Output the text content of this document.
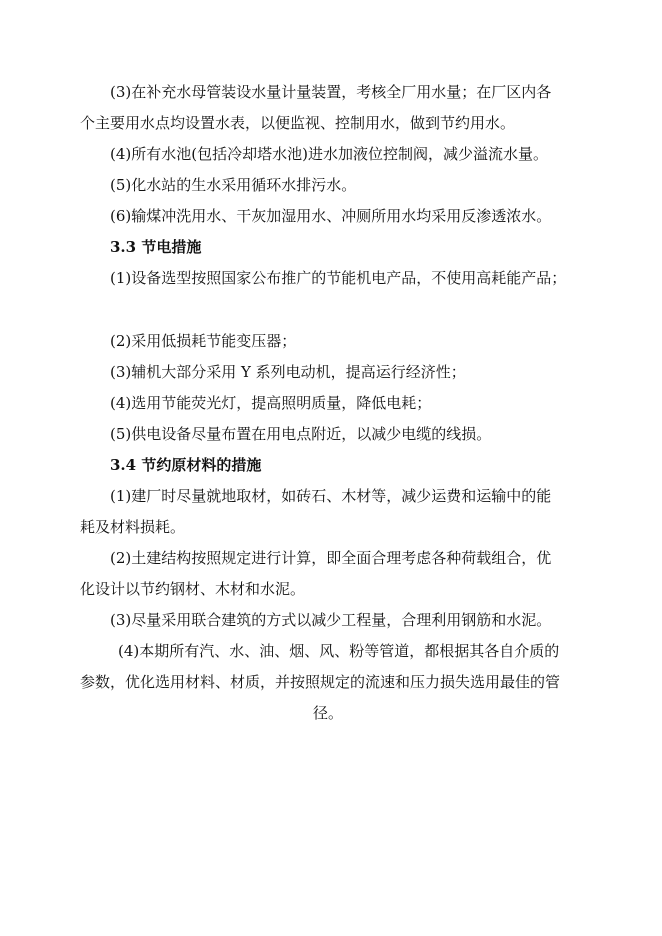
(3)在补充水母管装设水量计量装置，考核全厂用水量；在厂区内各
个主要用水点均设置水表，以便监视、控制用水，做到节约用水。
(4)所有水池(包括冷却塔水池)进水加液位控制阀，减少溢流水量。
(5)化水站的生水采用循环水排污水。
(6)输煤冲洗用水、干灰加湿用水、冲厕所用水均采用反渗透浓水。
3.3 节电措施
(1)设备选型按照国家公布推广的节能机电产品，不使用高耗能产品；
(2)采用低损耗节能变压器；
(3)辅机大部分采用 Y 系列电动机，提高运行经济性；
(4)选用节能荧光灯，提高照明质量，降低电耗；
(5)供电设备尽量布置在用电点附近，以减少电缆的线损。
3.4 节约原材料的措施
(1)建厂时尽量就地取材，如砖石、木材等，减少运费和运输中的能
耗及材料损耗。
(2)土建结构按照规定进行计算，即全面合理考虑各种荷载组合，优
化设计以节约钢材、木材和水泥。
(3)尽量采用联合建筑的方式以减少工程量，合理利用钢筋和水泥。
(4)本期所有汽、水、油、烟、风、粉等管道，都根据其各自介质的
参数，优化选用材料、材质，并按照规定的流速和压力损失选用最佳的管
径。
